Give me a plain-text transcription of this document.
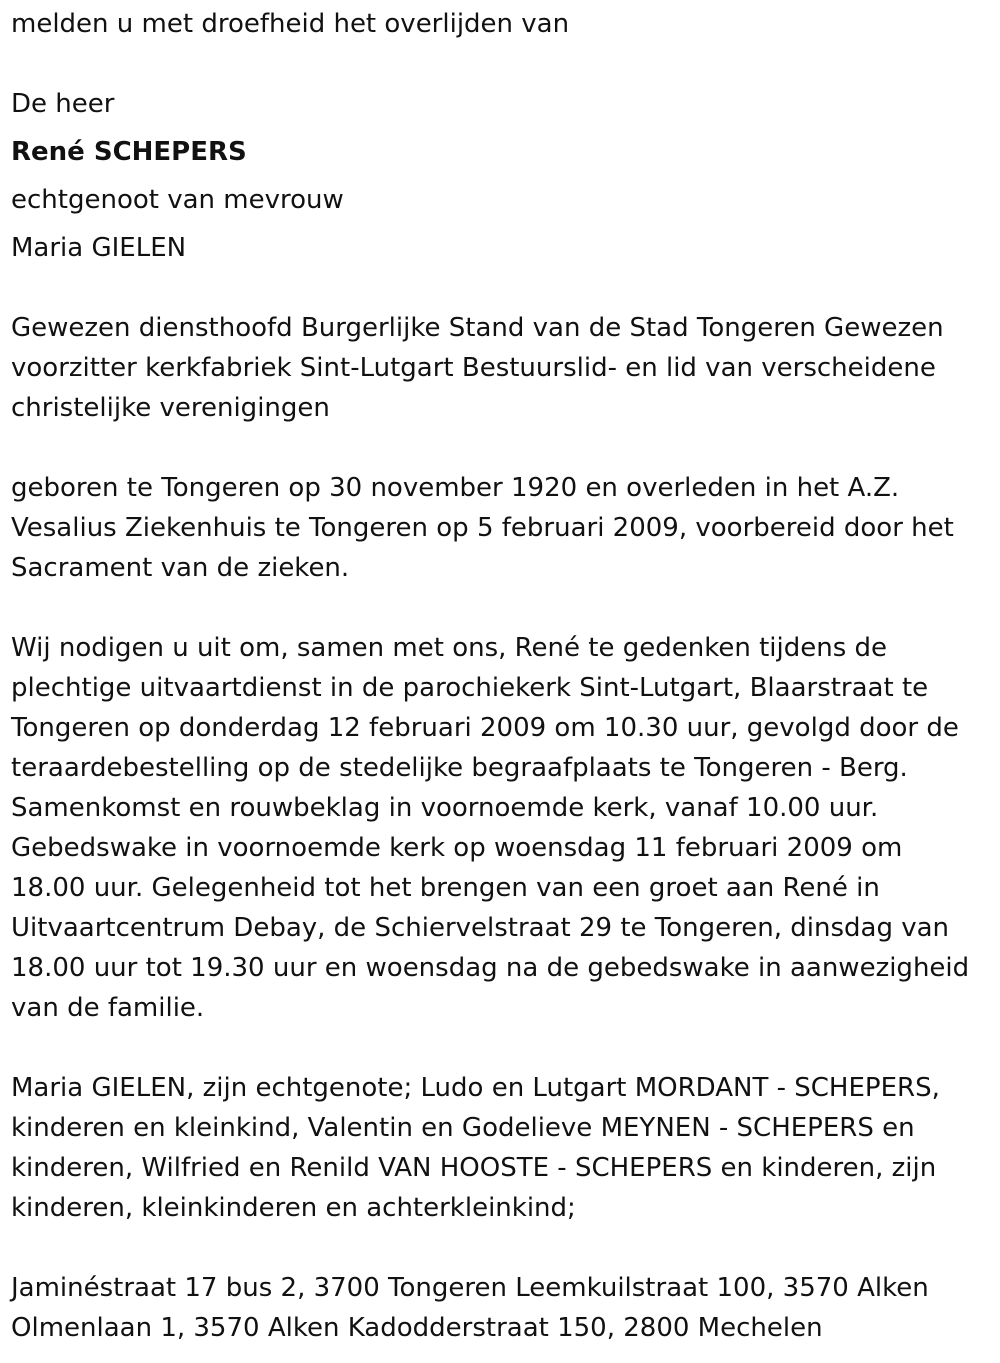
melden u met droefheid het overlijden van

De heer

René SCHEPERS

echtgenoot van mevrouw

Maria GIELEN

Gewezen diensthoofd Burgerlijke Stand van de Stad Tongeren Gewezen

voorzitter kerkfabriek Sint-Lutgart Bestuurslid- en lid van verscheidene

christelijke verenigingen

geboren te Tongeren op 30 november 1920 en overleden in het A.Z.

Vesalius Ziekenhuis te Tongeren op 5 februari 2009, voorbereid door het

Sacrament van de zieken.

Wij nodigen u uit om, samen met ons, René te gedenken tijdens de

plechtige uitvaartdienst in de parochiekerk Sint-Lutgart, Blaarstraat te

Tongeren op donderdag 12 februari 2009 om 10.30 uur, gevolgd door de

teraardebestelling op de stedelijke begraafplaats te Tongeren - Berg.

Samenkomst en rouwbeklag in voornoemde kerk, vanaf 10.00 uur.

Gebedswake in voornoemde kerk op woensdag 11 februari 2009 om

18.00 uur. Gelegenheid tot het brengen van een groet aan René in

Uitvaartcentrum Debay, de Schiervelstraat 29 te Tongeren, dinsdag van

18.00 uur tot 19.30 uur en woensdag na de gebedswake in aanwezigheid

van de familie.

Maria GIELEN, zijn echtgenote; Ludo en Lutgart MORDANT - SCHEPERS,

kinderen en kleinkind, Valentin en Godelieve MEYNEN - SCHEPERS en

kinderen, Wilfried en Renild VAN HOOSTE - SCHEPERS en kinderen, zijn

kinderen, kleinkinderen en achterkleinkind;

Jaminéstraat 17 bus 2, 3700 Tongeren Leemkuilstraat 100, 3570 Alken

Olmenlaan 1, 3570 Alken Kadodderstraat 150, 2800 Mechelen
